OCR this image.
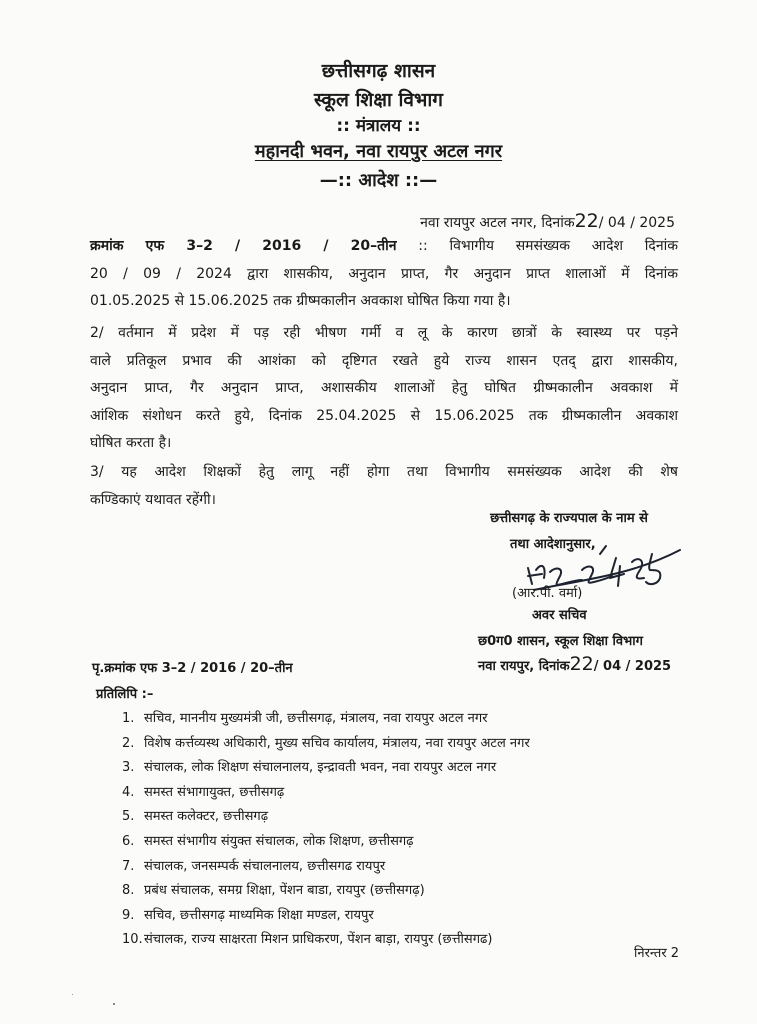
छत्तीसगढ़ शासन
स्कूल शिक्षा विभाग
:: मंत्रालय ::
महानदी भवन, नवा रायपुर अटल नगर
—:: आदेश ::—
नवा रायपुर अटल नगर, दिनांक22/ 04 / 2025
क्रमांक एफ 3–2 / 2016 / 20–तीन :: विभागीय समसंख्यक आदेश दिनांक
20 / 09 / 2024 द्वारा शासकीय, अनुदान प्राप्त, गैर अनुदान प्राप्त शालाओं में दिनांक
01.05.2025 से 15.06.2025 तक ग्रीष्मकालीन अवकाश घोषित किया गया है।
2/ वर्तमान में प्रदेश में पड़ रही भीषण गर्मी व लू के कारण छात्रों के स्वास्थ्य पर पड़ने
वाले प्रतिकूल प्रभाव की आशंका को दृष्टिगत रखते हुये राज्य शासन एतद् द्वारा शासकीय,
अनुदान प्राप्त, गैर अनुदान प्राप्त, अशासकीय शालाओं हेतु घोषित ग्रीष्मकालीन अवकाश में
आंशिक संशोधन करते हुये, दिनांक 25.04.2025 से 15.06.2025 तक ग्रीष्मकालीन अवकाश
घोषित करता है।
3/ यह आदेश शिक्षकों हेतु लागू नहीं होगा तथा विभागीय समसंख्यक आदेश की शेष
कण्डिकाएं यथावत रहेंगी।
छत्तीसगढ़ के राज्यपाल के नाम से
तथा आदेशानुसार,
(आर.पी. वर्मा)
अवर सचिव
छ0ग0 शासन, स्कूल शिक्षा विभाग
नवा रायपुर, दिनांक22/ 04 / 2025
पृ.क्रमांक एफ 3–2 / 2016 / 20–तीन
प्रतिलिपि :–
1. सचिव, माननीय मुख्यमंत्री जी, छत्तीसगढ़, मंत्रालय, नवा रायपुर अटल नगर
2. विशेष कर्त्तव्यस्थ अधिकारी, मुख्य सचिव कार्यालय, मंत्रालय, नवा रायपुर अटल नगर
3. संचालक, लोक शिक्षण संचालनालय, इन्द्रावती भवन, नवा रायपुर अटल नगर
4. समस्त संभागायुक्त, छत्तीसगढ़
5. समस्त कलेक्टर, छत्तीसगढ़
6. समस्त संभागीय संयुक्त संचालक, लोक शिक्षण, छत्तीसगढ़
7. संचालक, जनसम्पर्क संचालनालय, छत्तीसगढ रायपुर
8. प्रबंध संचालक, समग्र शिक्षा, पेंशन बाडा, रायपुर (छत्तीसगढ़)
9. सचिव, छत्तीसगढ़ माध्यमिक शिक्षा मण्डल, रायपुर
10.संचालक, राज्य साक्षरता मिशन प्राधिकरण, पेंशन बाड़ा, रायपुर (छत्तीसगढ)
निरन्तर 2
